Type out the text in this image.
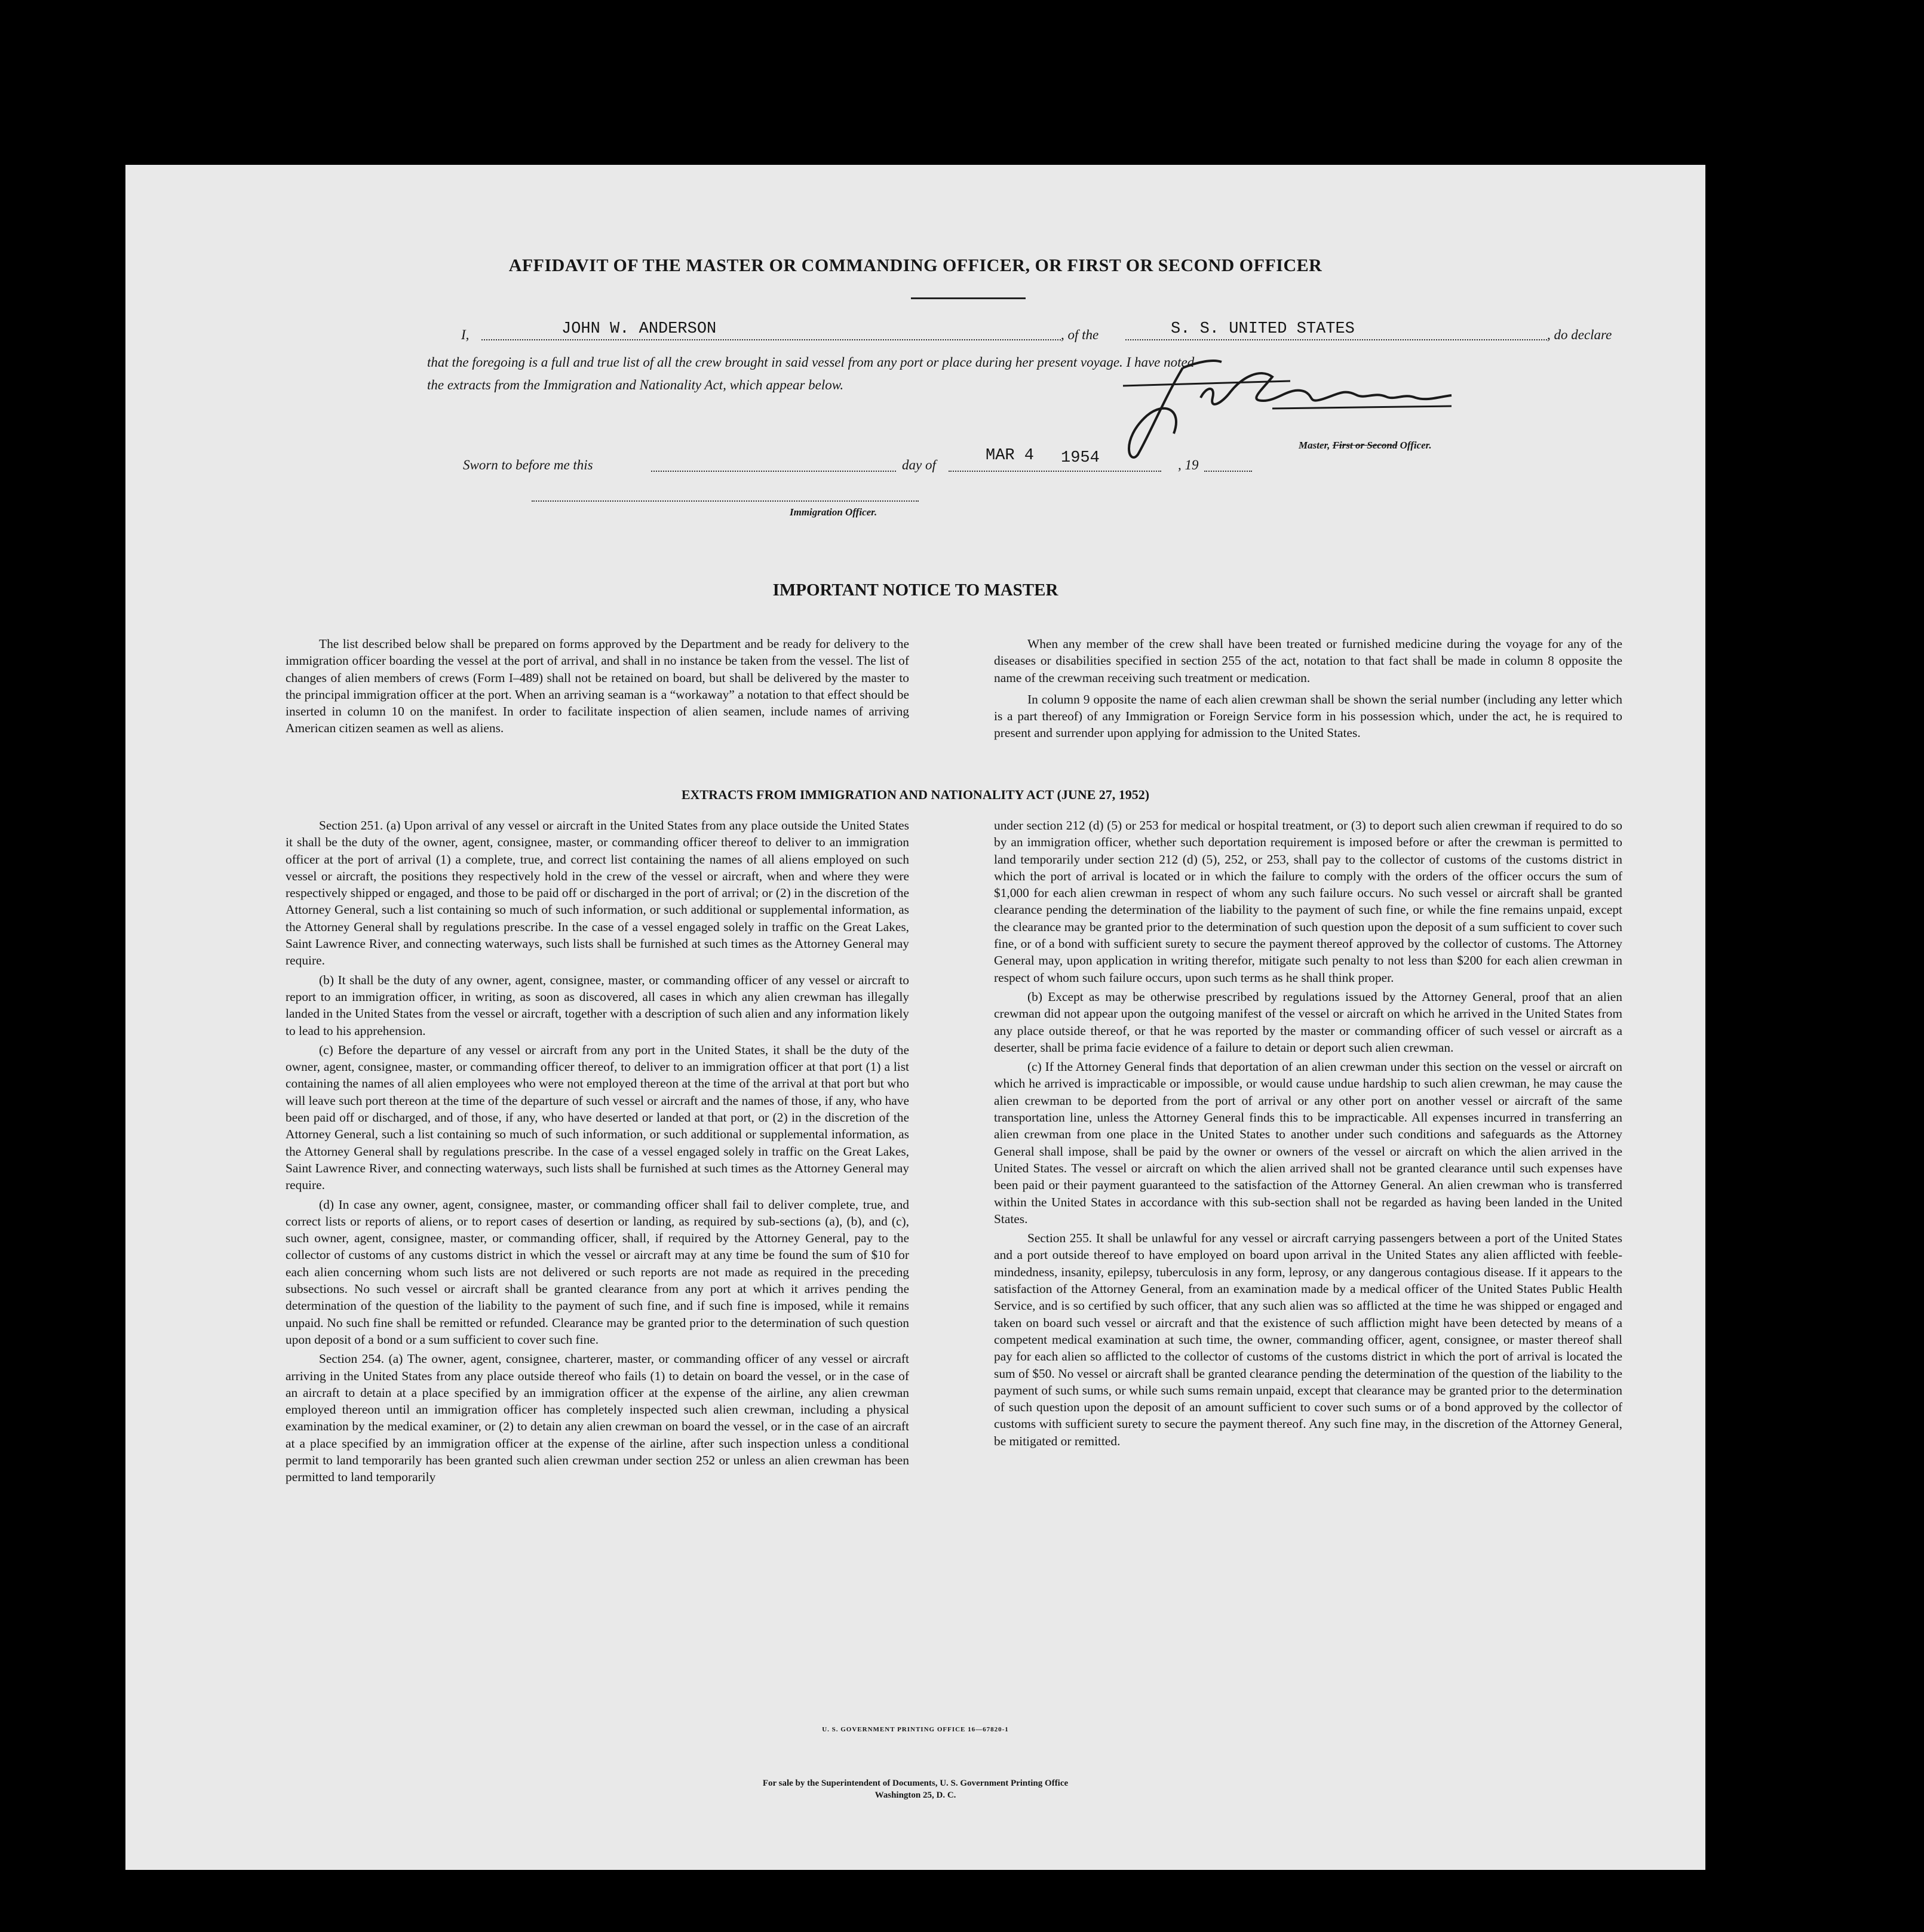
AFFIDAVIT OF THE MASTER OR COMMANDING OFFICER, OR FIRST OR SECOND OFFICER
I,	JOHN W. ANDERSON	, of the	S. S. UNITED STATES	, do declare
that the foregoing is a full and true list of all the crew brought in said vessel from any port or place during her present voyage. I have noted
the extracts from the Immigration and Nationality Act, which appear below.
Master, First or Second Officer.
Sworn to before me this	day of
MAR 4 1954	, 19
Immigration Officer.
IMPORTANT NOTICE TO MASTER

The list described below shall be prepared on forms approved by the Department and be ready for delivery to the immigration officer boarding the vessel at the port of arrival, and shall in no instance be taken from the vessel. The list of changes of alien members of crews (Form I–489) shall not be retained on board, but shall be delivered by the master to the principal immigration officer at the port. When an arriving seaman is a “workaway” a notation to that effect should be inserted in column 10 on the manifest. In order to facilitate inspection of alien seamen, include names of arriving American citizen seamen as well as aliens.

When any member of the crew shall have been treated or furnished medicine during the voyage for any of the diseases or disabilities specified in section 255 of the act, notation to that fact shall be made in column 8 opposite the name of the crewman receiving such treatment or medication.

In column 9 opposite the name of each alien crewman shall be shown the serial number (including any letter which is a part thereof) of any Immigration or Foreign Service form in his possession which, under the act, he is required to present and surrender upon applying for admission to the United States.

EXTRACTS FROM IMMIGRATION AND NATIONALITY ACT (JUNE 27, 1952)

Section 251. (a) Upon arrival of any vessel or aircraft in the United States from any place outside the United States it shall be the duty of the owner, agent, consignee, master, or commanding officer thereof to deliver to an immigration officer at the port of arrival (1) a complete, true, and correct list containing the names of all aliens employed on such vessel or aircraft, the positions they respectively hold in the crew of the vessel or aircraft, when and where they were respectively shipped or engaged, and those to be paid off or discharged in the port of arrival; or (2) in the discretion of the Attorney General, such a list containing so much of such information, or such additional or supplemental information, as the Attorney General shall by regulations prescribe. In the case of a vessel engaged solely in traffic on the Great Lakes, Saint Lawrence River, and connecting waterways, such lists shall be furnished at such times as the Attorney General may require.

(b) It shall be the duty of any owner, agent, consignee, master, or commanding officer of any vessel or aircraft to report to an immigration officer, in writing, as soon as discovered, all cases in which any alien crewman has illegally landed in the United States from the vessel or aircraft, together with a description of such alien and any information likely to lead to his apprehension.

(c) Before the departure of any vessel or aircraft from any port in the United States, it shall be the duty of the owner, agent, consignee, master, or commanding officer thereof, to deliver to an immigration officer at that port (1) a list containing the names of all alien employees who were not employed thereon at the time of the arrival at that port but who will leave such port thereon at the time of the departure of such vessel or aircraft and the names of those, if any, who have been paid off or discharged, and of those, if any, who have deserted or landed at that port, or (2) in the discretion of the Attorney General, such a list containing so much of such information, or such additional or supplemental information, as the Attorney General shall by regulations prescribe. In the case of a vessel engaged solely in traffic on the Great Lakes, Saint Lawrence River, and connecting waterways, such lists shall be furnished at such times as the Attorney General may require.

(d) In case any owner, agent, consignee, master, or commanding officer shall fail to deliver complete, true, and correct lists or reports of aliens, or to report cases of desertion or landing, as required by sub-sections (a), (b), and (c), such owner, agent, consignee, master, or commanding officer, shall, if required by the Attorney General, pay to the collector of customs of any customs district in which the vessel or aircraft may at any time be found the sum of $10 for each alien concerning whom such lists are not delivered or such reports are not made as required in the preceding subsections. No such vessel or aircraft shall be granted clearance from any port at which it arrives pending the determination of the question of the liability to the payment of such fine, and if such fine is imposed, while it remains unpaid. No such fine shall be remitted or refunded. Clearance may be granted prior to the determination of such question upon deposit of a bond or a sum sufficient to cover such fine.

Section 254. (a) The owner, agent, consignee, charterer, master, or commanding officer of any vessel or aircraft arriving in the United States from any place outside thereof who fails (1) to detain on board the vessel, or in the case of an aircraft to detain at a place specified by an immigration officer at the expense of the airline, any alien crewman employed thereon until an immigration officer has completely inspected such alien crewman, including a physical examination by the medical examiner, or (2) to detain any alien crewman on board the vessel, or in the case of an aircraft at a place specified by an immigration officer at the expense of the airline, after such inspection unless a conditional permit to land temporarily has been granted such alien crewman under section 252 or unless an alien crewman has been permitted to land temporarily

under section 212 (d) (5) or 253 for medical or hospital treatment, or (3) to deport such alien crewman if required to do so by an immigration officer, whether such deportation requirement is imposed before or after the crewman is permitted to land temporarily under section 212 (d) (5), 252, or 253, shall pay to the collector of customs of the customs district in which the port of arrival is located or in which the failure to comply with the orders of the officer occurs the sum of $1,000 for each alien crewman in respect of whom any such failure occurs. No such vessel or aircraft shall be granted clearance pending the determination of the liability to the payment of such fine, or while the fine remains unpaid, except the clearance may be granted prior to the determination of such question upon the deposit of a sum sufficient to cover such fine, or of a bond with sufficient surety to secure the payment thereof approved by the collector of customs. The Attorney General may, upon application in writing therefor, mitigate such penalty to not less than $200 for each alien crewman in respect of whom such failure occurs, upon such terms as he shall think proper.

(b) Except as may be otherwise prescribed by regulations issued by the Attorney General, proof that an alien crewman did not appear upon the outgoing manifest of the vessel or aircraft on which he arrived in the United States from any place outside thereof, or that he was reported by the master or commanding officer of such vessel or aircraft as a deserter, shall be prima facie evidence of a failure to detain or deport such alien crewman.

(c) If the Attorney General finds that deportation of an alien crewman under this section on the vessel or aircraft on which he arrived is impracticable or impossible, or would cause undue hardship to such alien crewman, he may cause the alien crewman to be deported from the port of arrival or any other port on another vessel or aircraft of the same transportation line, unless the Attorney General finds this to be impracticable. All expenses incurred in transferring an alien crewman from one place in the United States to another under such conditions and safeguards as the Attorney General shall impose, shall be paid by the owner or owners of the vessel or aircraft on which the alien arrived in the United States. The vessel or aircraft on which the alien arrived shall not be granted clearance until such expenses have been paid or their payment guaranteed to the satisfaction of the Attorney General. An alien crewman who is transferred within the United States in accordance with this sub-section shall not be regarded as having been landed in the United States.

Section 255. It shall be unlawful for any vessel or aircraft carrying passengers between a port of the United States and a port outside thereof to have employed on board upon arrival in the United States any alien afflicted with feeble-mindedness, insanity, epilepsy, tuberculosis in any form, leprosy, or any dangerous contagious disease. If it appears to the satisfaction of the Attorney General, from an examination made by a medical officer of the United States Public Health Service, and is so certified by such officer, that any such alien was so afflicted at the time he was shipped or engaged and taken on board such vessel or aircraft and that the existence of such affliction might have been detected by means of a competent medical examination at such time, the owner, commanding officer, agent, consignee, or master thereof shall pay for each alien so afflicted to the collector of customs of the customs district in which the port of arrival is located the sum of $50. No vessel or aircraft shall be granted clearance pending the determination of the question of the liability to the payment of such sums, or while such sums remain unpaid, except that clearance may be granted prior to the determination of such question upon the deposit of an amount sufficient to cover such sums or of a bond approved by the collector of customs with sufficient surety to secure the payment thereof. Any such fine may, in the discretion of the Attorney General, be mitigated or remitted.

U. S. GOVERNMENT PRINTING OFFICE 16—67820-1
For sale by the Superintendent of Documents, U. S. Government Printing Office
Washington 25, D. C.
